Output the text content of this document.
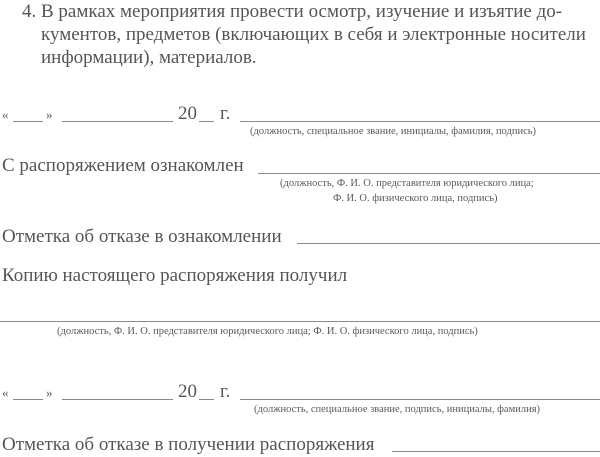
4. В рамках мероприятия провести осмотр, изучение и изъятие до-
кументов, предметов (включающих в себя и электронные носители
информации), материалов.
«	»	20 г.
(должность, специальное звание, инициалы, фамилия, подпись)
С распоряжением ознакомлен
(должность, Ф. И. О. представителя юридического лица;
Ф. И. О. физического лица, подпись)
Отметка об отказе в ознакомлении
Копию настоящего распоряжения получил
(должность, Ф. И. О. представителя юридического лица; Ф. И. О. физического лица, подпись)
«	»	20 г.
(должность, специальное звание, подпись, инициалы, фамилия)
Отметка об отказе в получении распоряжения
